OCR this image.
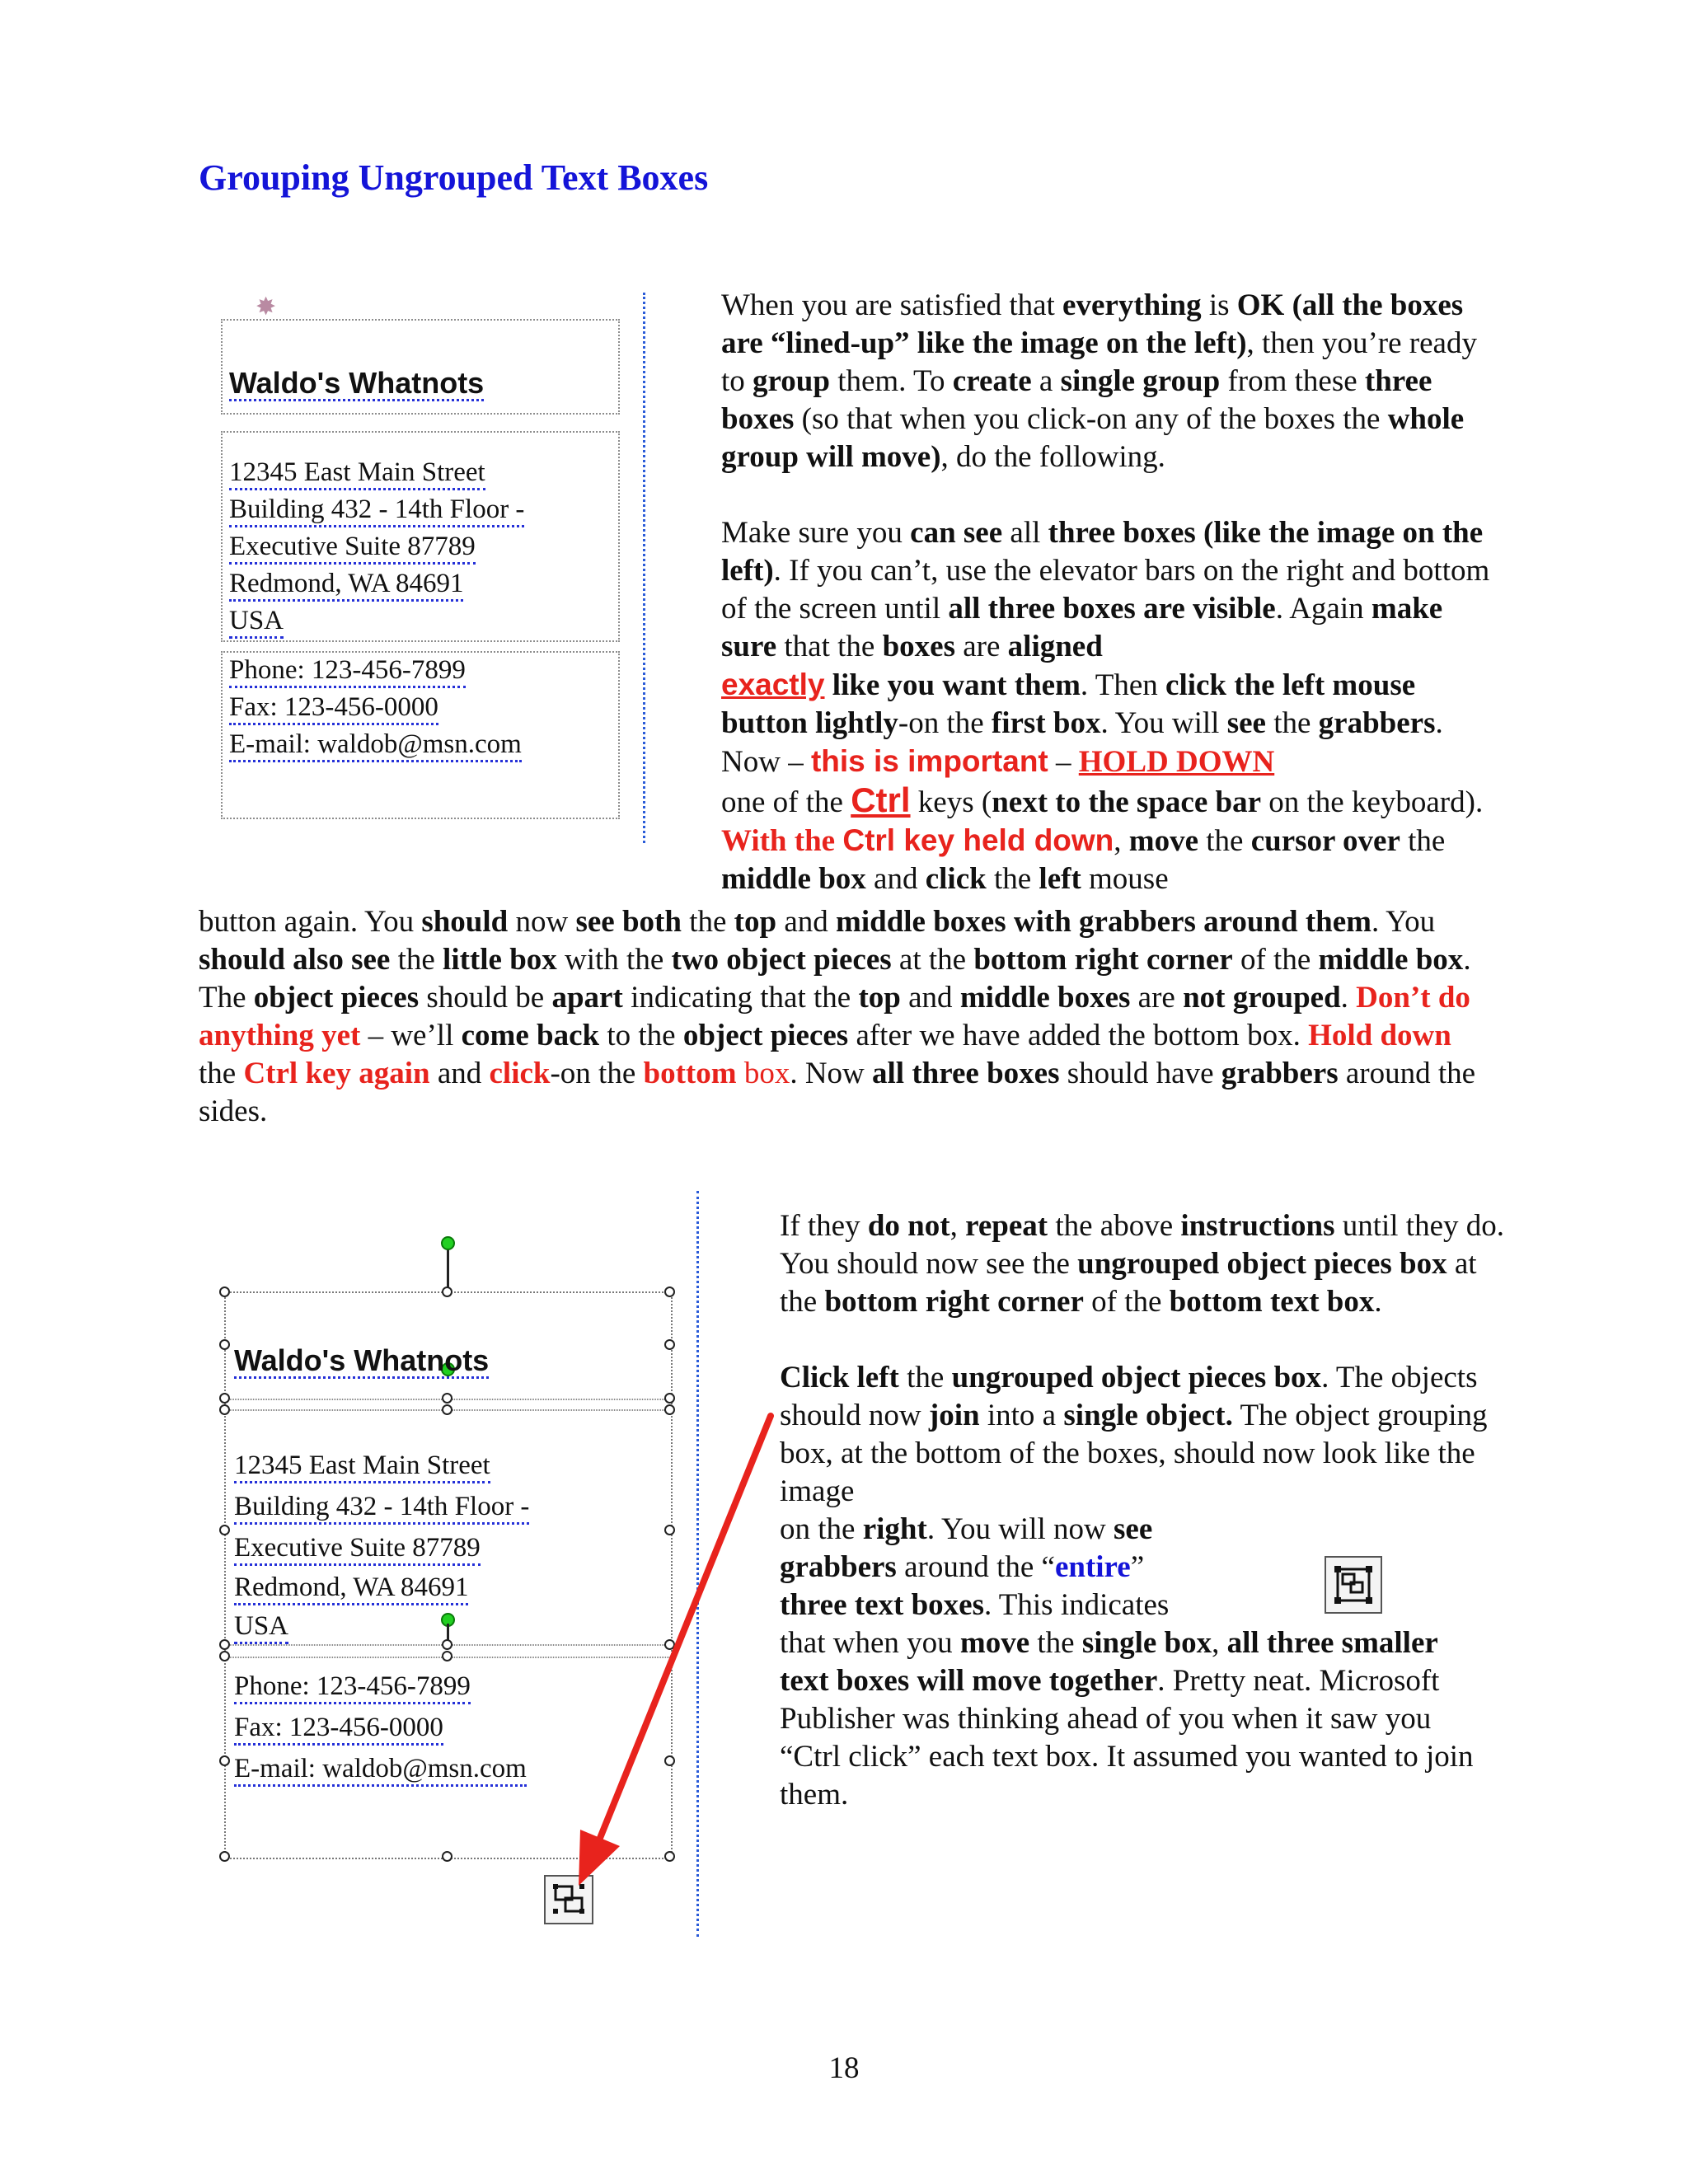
Grouping Ungrouped Text Boxes
✸
Waldo's Whatnots
12345 East Main Street
Building 432 - 14th Floor -
Executive Suite 87789
Redmond, WA 84691
USA
Phone: 123-456-7899
Fax: 123-456-0000
E-mail: waldob@msn.com

When you are satisfied that everything is OK (all the boxes are “lined-up” like the image on the left), then you’re ready to group them. To create a single group from these three boxes (so that when you click-on any of the boxes the whole group will move), do the following.

Make sure you can see all three boxes (like the image on the left). If you can’t, use the elevator bars on the right and bottom of the screen until all three boxes are visible. Again make sure that the boxes are aligned
exactly like you want them. Then click the left mouse button lightly-on the first box. You will see the grabbers. Now – this is important – HOLD DOWN
one of the Ctrl keys (next to the space bar on the keyboard). With the Ctrl key held down, move the cursor over the middle box and click the left mouse

button again. You should now see both the top and middle boxes with grabbers around them. You should also see the little box with the two object pieces at the bottom right corner of the middle box. The object pieces should be apart indicating that the top and middle boxes are not grouped. Don’t do anything yet – we’ll come back to the object pieces after we have added the bottom box. Hold down the Ctrl key again and click-on the bottom box. Now all three boxes should have grabbers around the sides.

Waldo's Whatnots
12345 East Main Street
Building 432 - 14th Floor -
Executive Suite 87789
Redmond, WA 84691
USA
Phone: 123-456-7899
Fax: 123-456-0000
E-mail: waldob@msn.com

If they do not, repeat the above instructions until they do. You should now see the ungrouped object pieces box at the bottom right corner of the bottom text box.

Click left the ungrouped object pieces box. The objects should now join into a single object. The object grouping box, at the bottom of the boxes, should now look like the image
on the right. You will now see
grabbers around the “entire”
three text boxes. This indicates
that when you move the single box, all three smaller text boxes will move together. Pretty neat. Microsoft Publisher was thinking ahead of you when it saw you “Ctrl click” each text box. It assumed you wanted to join them.

18
